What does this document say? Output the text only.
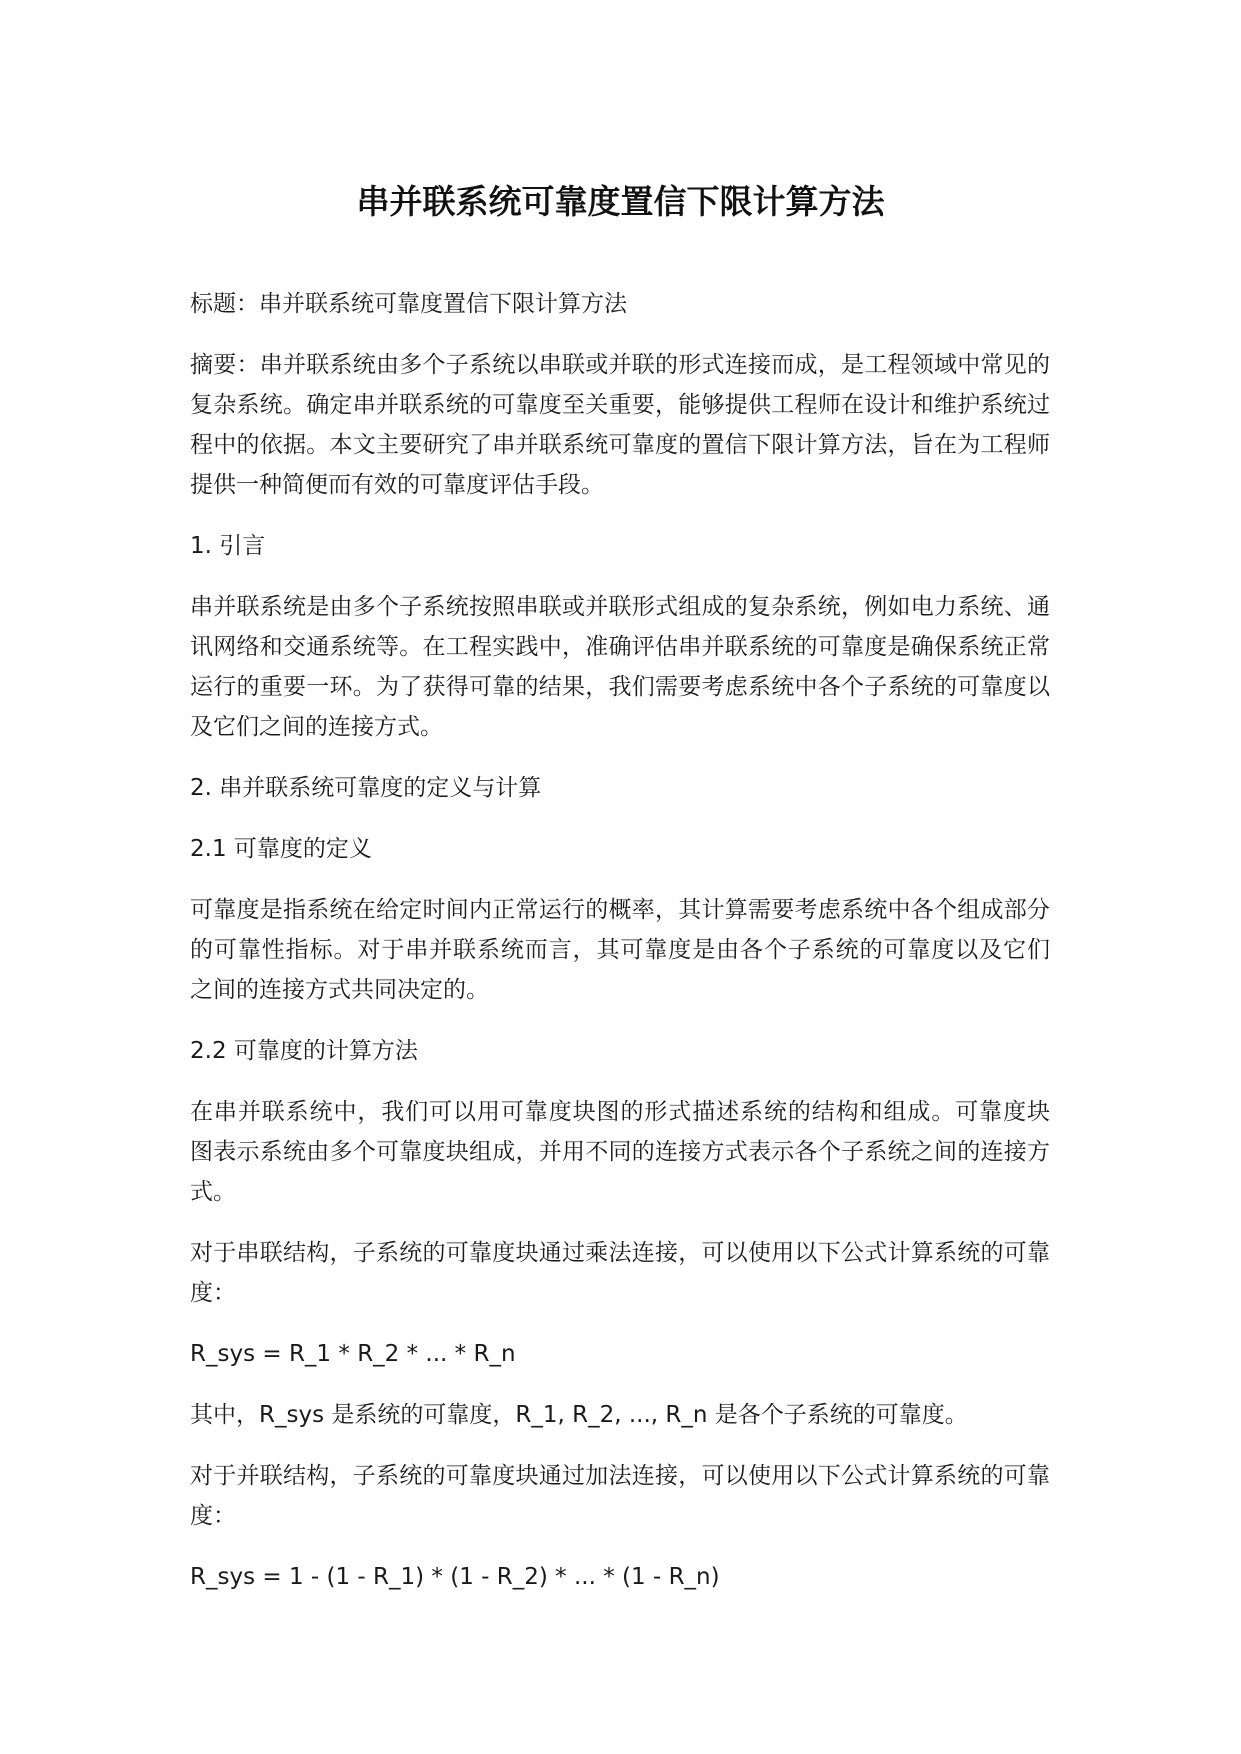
串并联系统可靠度置信下限计算方法
标题：串并联系统可靠度置信下限计算方法
摘要：串并联系统由多个子系统以串联或并联的形式连接而成，是工程领域中常见的
复杂系统。确定串并联系统的可靠度至关重要，能够提供工程师在设计和维护系统过
程中的依据。本文主要研究了串并联系统可靠度的置信下限计算方法，旨在为工程师
提供一种简便而有效的可靠度评估手段。
1. 引言
串并联系统是由多个子系统按照串联或并联形式组成的复杂系统，例如电力系统、通
讯网络和交通系统等。在工程实践中，准确评估串并联系统的可靠度是确保系统正常
运行的重要一环。为了获得可靠的结果，我们需要考虑系统中各个子系统的可靠度以
及它们之间的连接方式。
2. 串并联系统可靠度的定义与计算
2.1 可靠度的定义
可靠度是指系统在给定时间内正常运行的概率，其计算需要考虑系统中各个组成部分
的可靠性指标。对于串并联系统而言，其可靠度是由各个子系统的可靠度以及它们
之间的连接方式共同决定的。
2.2 可靠度的计算方法
在串并联系统中，我们可以用可靠度块图的形式描述系统的结构和组成。可靠度块
图表示系统由多个可靠度块组成，并用不同的连接方式表示各个子系统之间的连接方
式。
对于串联结构，子系统的可靠度块通过乘法连接，可以使用以下公式计算系统的可靠
度：
R_sys = R_1 * R_2 * ... * R_n
其中，R_sys 是系统的可靠度，R_1, R_2, ..., R_n 是各个子系统的可靠度。
对于并联结构，子系统的可靠度块通过加法连接，可以使用以下公式计算系统的可靠
度：
R_sys = 1 - (1 - R_1) * (1 - R_2) * ... * (1 - R_n)
